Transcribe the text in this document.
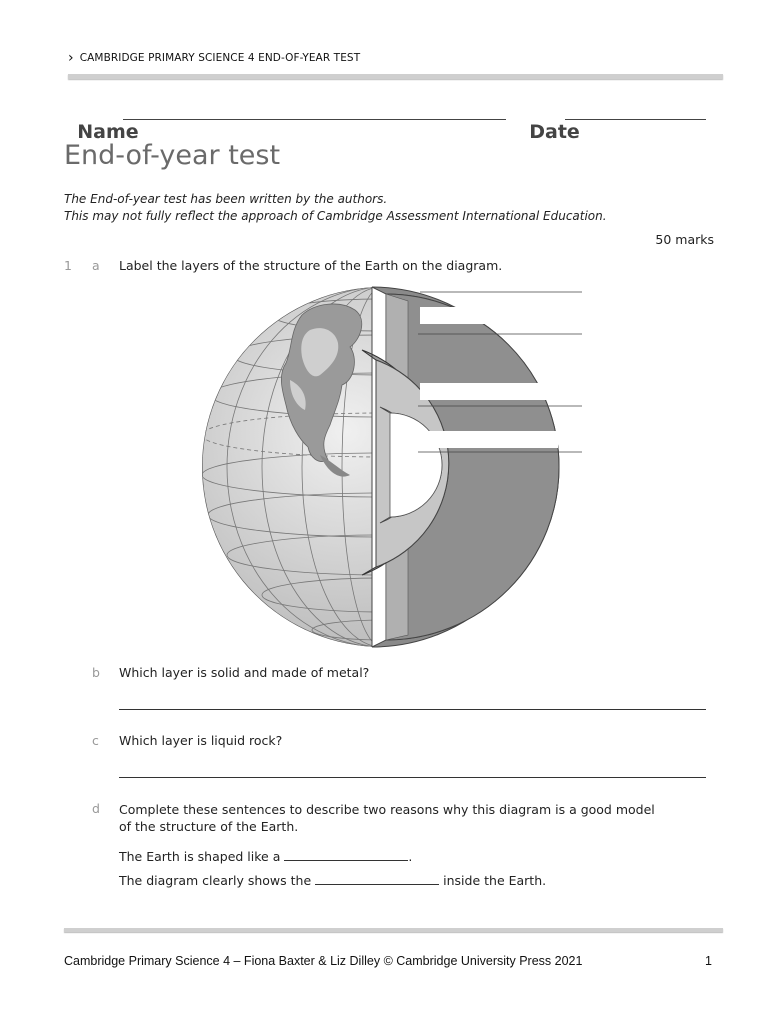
› CAMBRIDGE PRIMARY SCIENCE 4 END-OF-YEAR TEST

Name	Date

End-of-year test
The End-of-year test has been written by the authors.
This may not fully reflect the approach of Cambridge Assessment International Education.
50 marks
1 a Label the layers of the structure of the Earth on the diagram.
b Which layer is solid and made of metal?
c Which layer is liquid rock?
d Complete these sentences to describe two reasons why this diagram is a good model
of the structure of the Earth.
The Earth is shaped like a	.
The diagram clearly shows the	inside the Earth.
Cambridge Primary Science 4 – Fiona Baxter & Liz Dilley © Cambridge University Press 2021	1
